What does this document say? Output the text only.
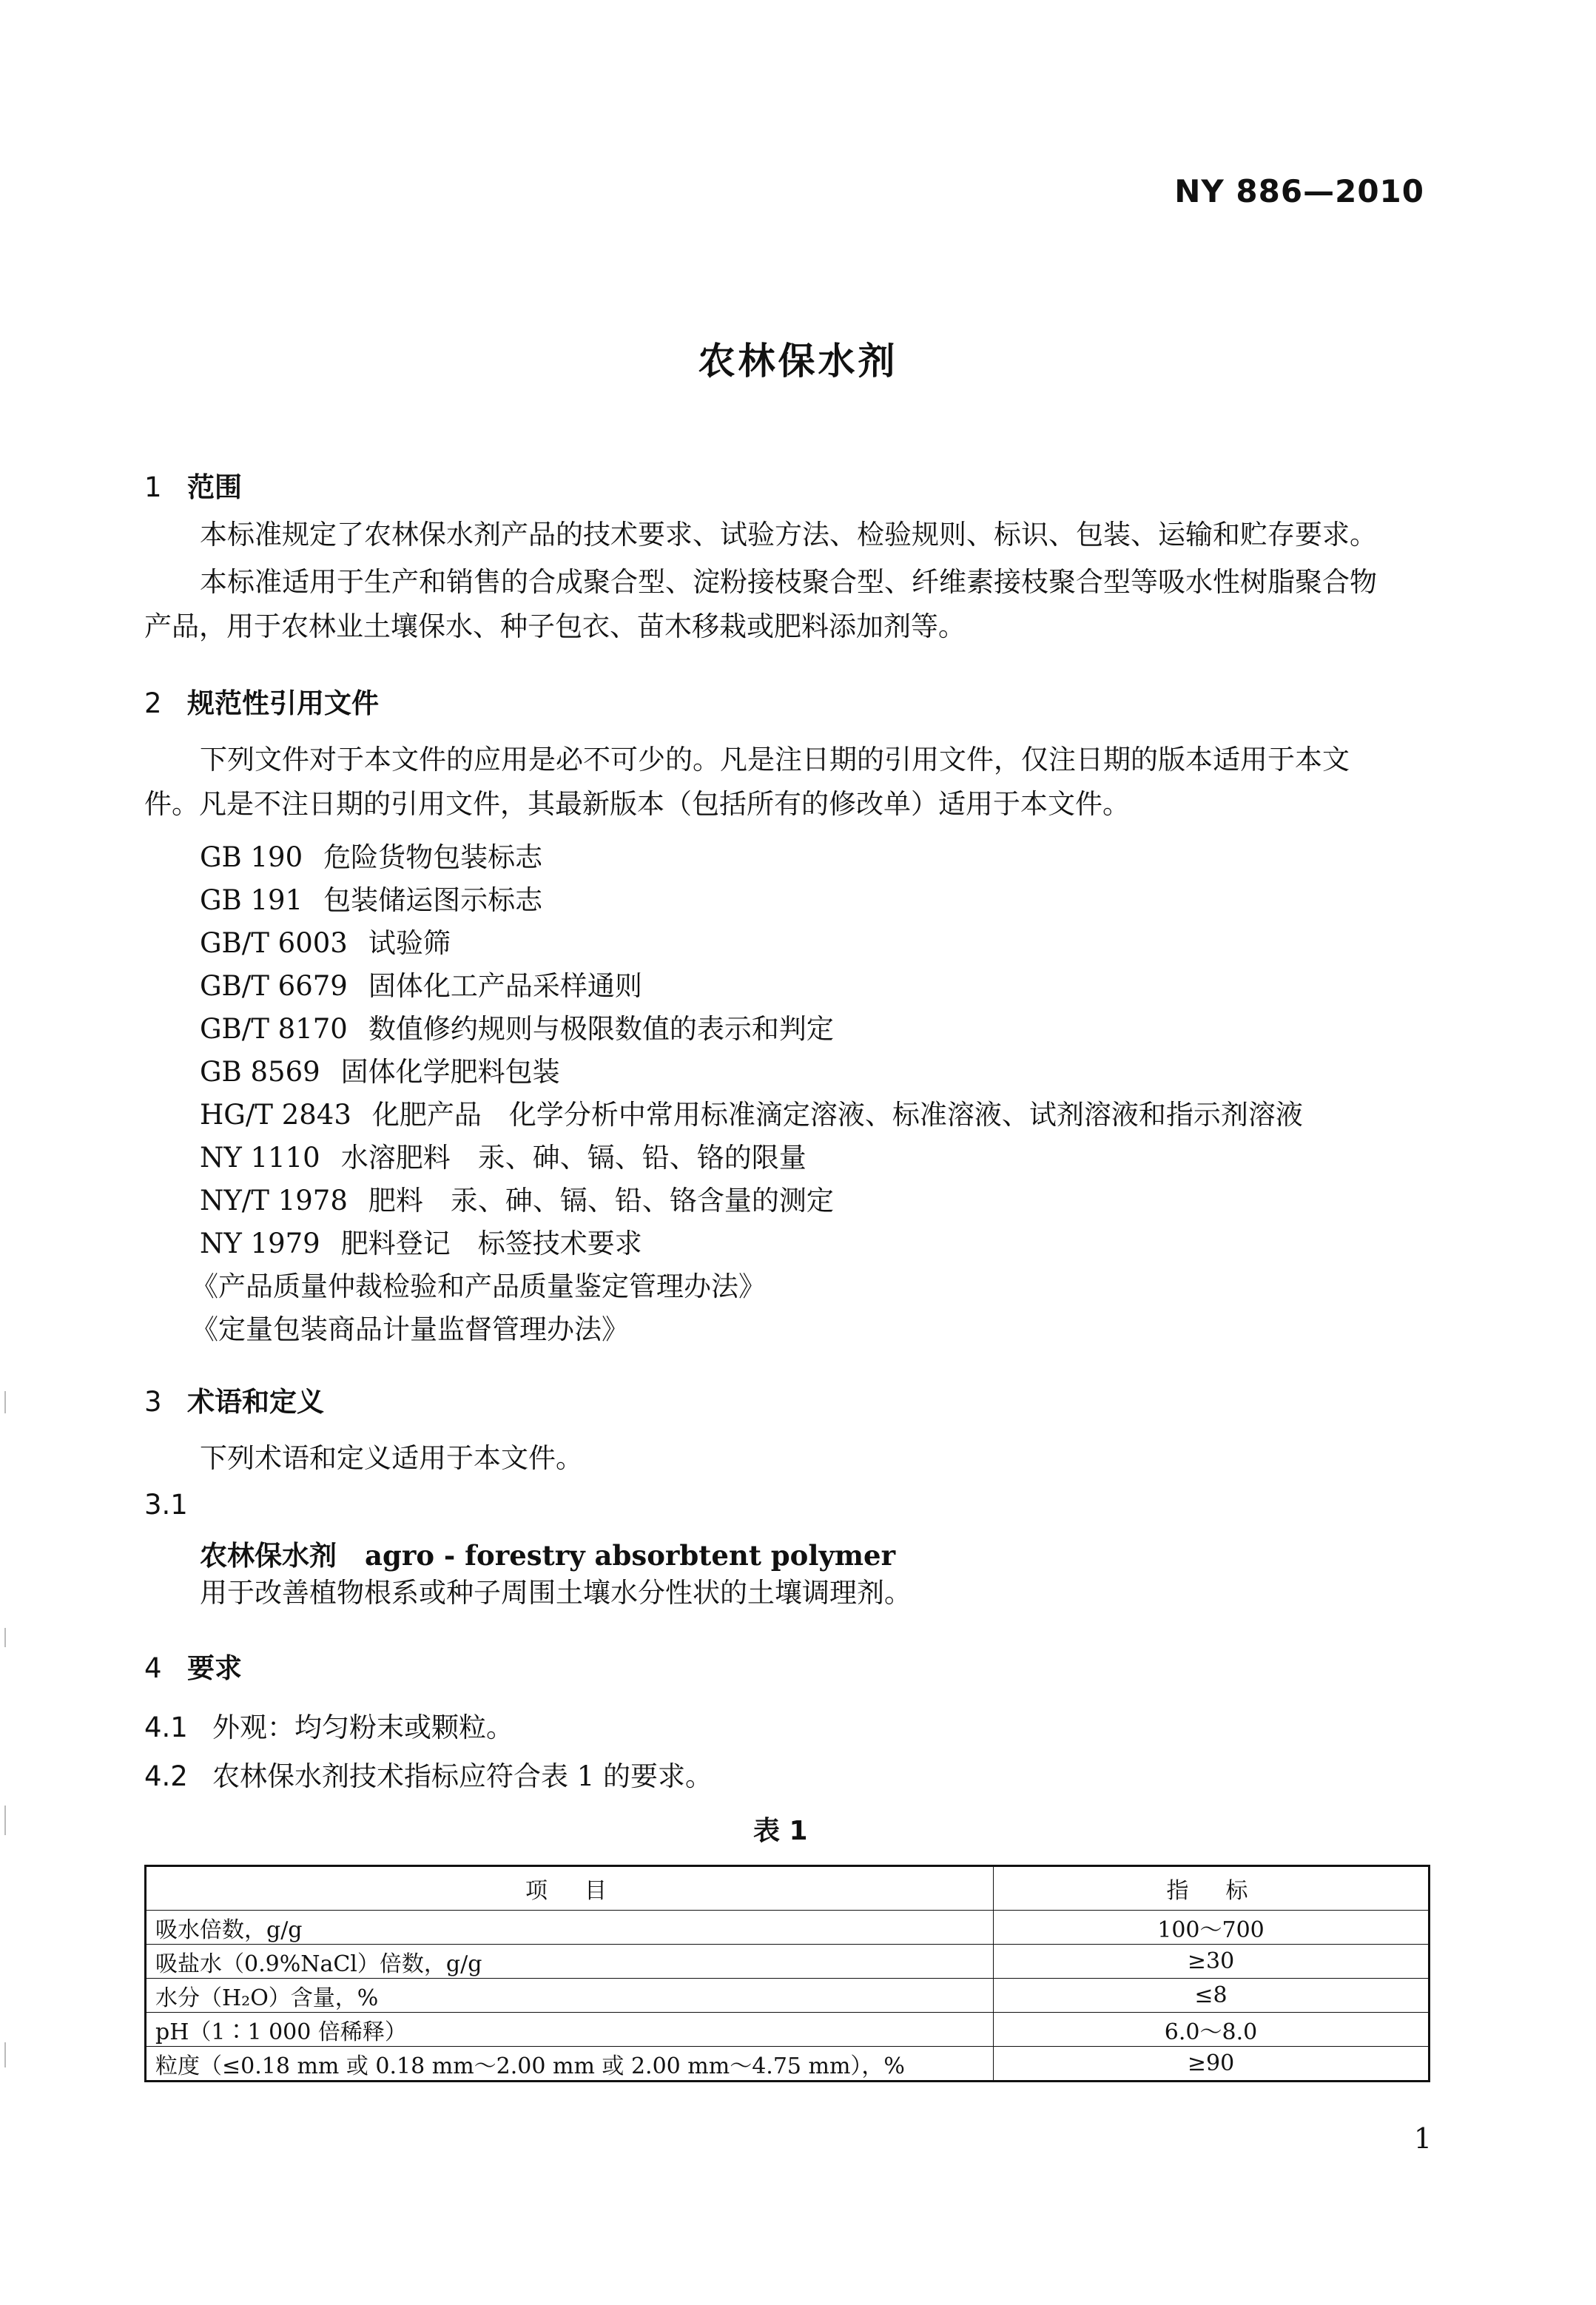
NY 886—2010
农林保水剂
1 范围
本标准规定了农林保水剂产品的技术要求、试验方法、检验规则、标识、包装、运输和贮存要求。
本标准适用于生产和销售的合成聚合型、淀粉接枝聚合型、纤维素接枝聚合型等吸水性树脂聚合物
产品，用于农林业土壤保水、种子包衣、苗木移栽或肥料添加剂等。
2 规范性引用文件
下列文件对于本文件的应用是必不可少的。凡是注日期的引用文件，仅注日期的版本适用于本文
件。凡是不注日期的引用文件，其最新版本（包括所有的修改单）适用于本文件。
GB 190 危险货物包装标志
GB 191 包装储运图示标志
GB/T 6003 试验筛
GB/T 6679 固体化工产品采样通则
GB/T 8170 数值修约规则与极限数值的表示和判定
GB 8569 固体化学肥料包装
HG/T 2843 化肥产品　化学分析中常用标准滴定溶液、标准溶液、试剂溶液和指示剂溶液
NY 1110 水溶肥料　汞、砷、镉、铅、铬的限量
NY/T 1978 肥料　汞、砷、镉、铅、铬含量的测定
NY 1979 肥料登记　标签技术要求
《产品质量仲裁检验和产品质量鉴定管理办法》
《定量包装商品计量监督管理办法》
3 术语和定义
下列术语和定义适用于本文件。
3.1
农林保水剂 agro - forestry absorbtent polymer
用于改善植物根系或种子周围土壤水分性状的土壤调理剂。
4 要求
4.1 外观：均匀粉末或颗粒。
4.2 农林保水剂技术指标应符合表 1 的要求。
表 1
项　目	指　标
吸水倍数，g/g	100～700
吸盐水（0.9%NaCl）倍数，g/g	≥30
水分（H₂O）含量，%	≤8
pH（1∶1 000 倍稀释）	6.0～8.0
粒度（≤0.18 mm 或 0.18 mm～2.00 mm 或 2.00 mm～4.75 mm），%	≥90
1
